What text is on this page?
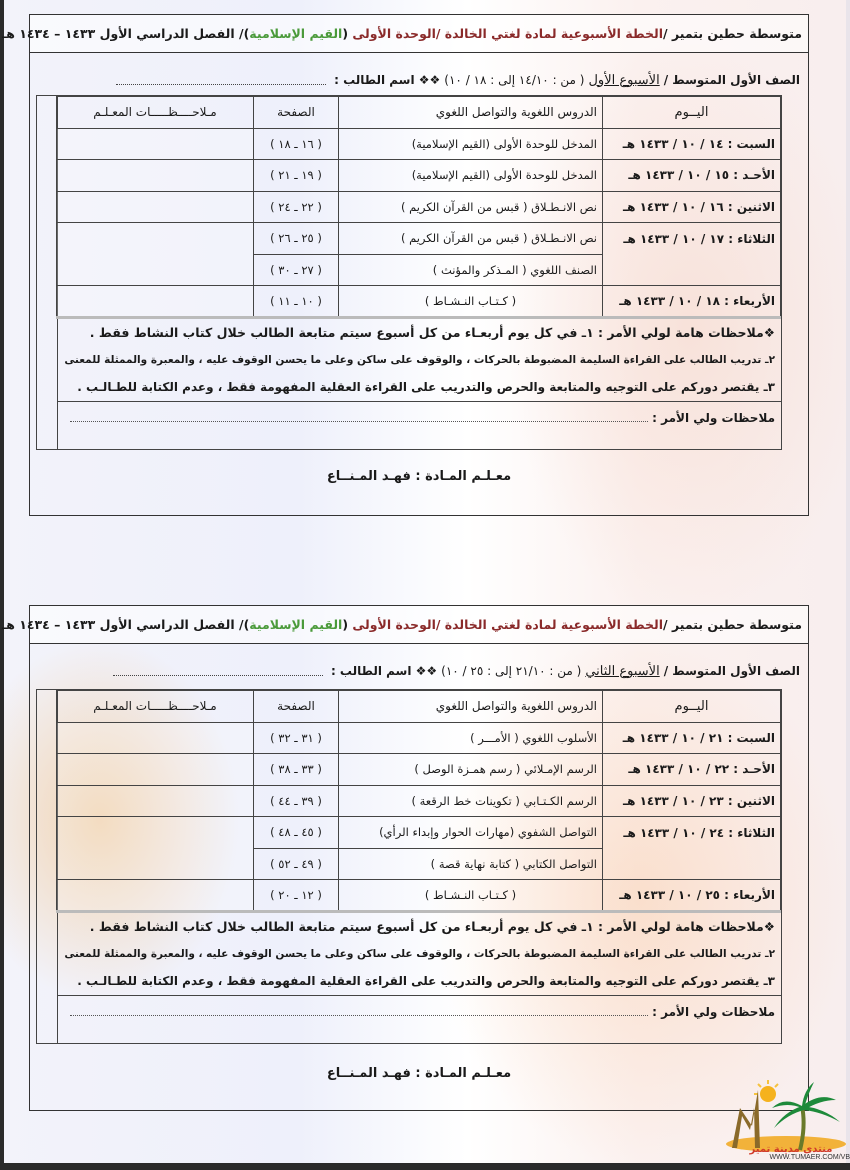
متوسطة حطين بتمير /
الخطة الأسبوعية لمادة لغتي الخالدة /الوحدة الأولى

(
القيم الإسلامية
)/

الفصل الدراسي الأول ١٤٣٣ – ١٤٣٤ هـ
الصف الأول المتوسط /
الأسبوع الأول
( من : ١٤/١٠ إلى : ١٨ / ١٠)
❖❖ اسم الطالب :
اليــوم	الدروس اللغوية والتواصل اللغوي	الصفحة	مـلاحــــظـــــات المعـلـم
السبت : ١٤ / ١٠ / ١٤٣٣ هـ	المدخل للوحدة الأولى (القيم الإسلامية)	( ١٦ ـ ١٨ )	
الأحـد : ١٥ / ١٠ / ١٤٣٣ هـ	المدخل للوحدة الأولى (القيم الإسلامية)	( ١٩ ـ ٢١ )	
الاثنين : ١٦ / ١٠ / ١٤٣٣ هـ	نص الانـطـلاق ( قبس من القرآن الكريم )	( ٢٢ ـ ٢٤ )	
الثلاثاء : ١٧ / ١٠ / ١٤٣٣ هـ	نص الانـطـلاق ( قبس من القرآن الكريم )	( ٢٥ ـ ٢٦ )	
	الصنف اللغوي ( المـذكر والمؤنث )	( ٢٧ ـ ٣٠ )	
الأربعاء : ١٨ / ١٠ / ١٤٣٣ هـ	( كـتـاب النـشـاط )	( ١٠ ـ ١١ )	
❖ملاحظات هامة لولي الأمر : ١ـ في كل يوم أربعـاء من كل أسبوع سيتم متابعة الطالب خلال كتاب النشاط فقط .
٢ـ تدريب الطالب على القراءة السليمة المضبوطة بالحركات ، والوقوف على ساكن وعلى ما يحسن الوقوف عليه ، والمعبرة والممثلة للمعنى
٣ـ يقتصر دوركم على التوجيه والمتابعة والحرص والتدريب على القراءة العقلية المفهومة فقط ، وعدم الكتابة للطـالـب .
ملاحظات ولي الأمر :
معـلـم المـادة : فهـد المـنــاع
متوسطة حطين بتمير /
الخطة الأسبوعية لمادة لغتي الخالدة /الوحدة الأولى

(
القيم الإسلامية
)/

الفصل الدراسي الأول ١٤٣٣ – ١٤٣٤ هـ
الصف الأول المتوسط /
الأسبوع الثاني
( من : ٢١/١٠ إلى : ٢٥ / ١٠)
❖❖ اسم الطالب :
اليــوم	الدروس اللغوية والتواصل اللغوي	الصفحة	مـلاحــــظـــــات المعـلـم
السبت : ٢١ / ١٠ / ١٤٣٣ هـ	الأسلوب اللغوي ( الأمـــر )	( ٣١ ـ ٣٢ )	
الأحـد : ٢٢ / ١٠ / ١٤٣٣ هـ	الرسم الإمـلائي ( رسم همـزة الوصل )	( ٣٣ ـ ٣٨ )	
الاثنين : ٢٣ / ١٠ / ١٤٣٣ هـ	الرسم الكـتـابي ( تكوينات خط الرقعة )	( ٣٩ ـ ٤٤ )	
الثلاثاء : ٢٤ / ١٠ / ١٤٣٣ هـ	التواصل الشفوي (مهارات الحوار وإبداء الرأي)	( ٤٥ ـ ٤٨ )	
	التواصل الكتابي ( كتابة نهاية قصة )	( ٤٩ ـ ٥٢ )	
الأربعاء : ٢٥ / ١٠ / ١٤٣٣ هـ	( كـتـاب النـشـاط )	( ١٢ ـ ٢٠ )	
❖ملاحظات هامة لولي الأمر : ١ـ في كل يوم أربعـاء من كل أسبوع سيتم متابعة الطالب خلال كتاب النشاط فقط .
٢ـ تدريب الطالب على القراءة السليمة المضبوطة بالحركات ، والوقوف على ساكن وعلى ما يحسن الوقوف عليه ، والمعبرة والممثلة للمعنى
٣ـ يقتصر دوركم على التوجيه والمتابعة والحرص والتدريب على القراءة العقلية المفهومة فقط ، وعدم الكتابة للطـالـب .
ملاحظات ولي الأمر :
معـلـم المـادة : فهـد المـنــاع
منتدى مدينة تمير
WWW.TUMAER.COM/VB
